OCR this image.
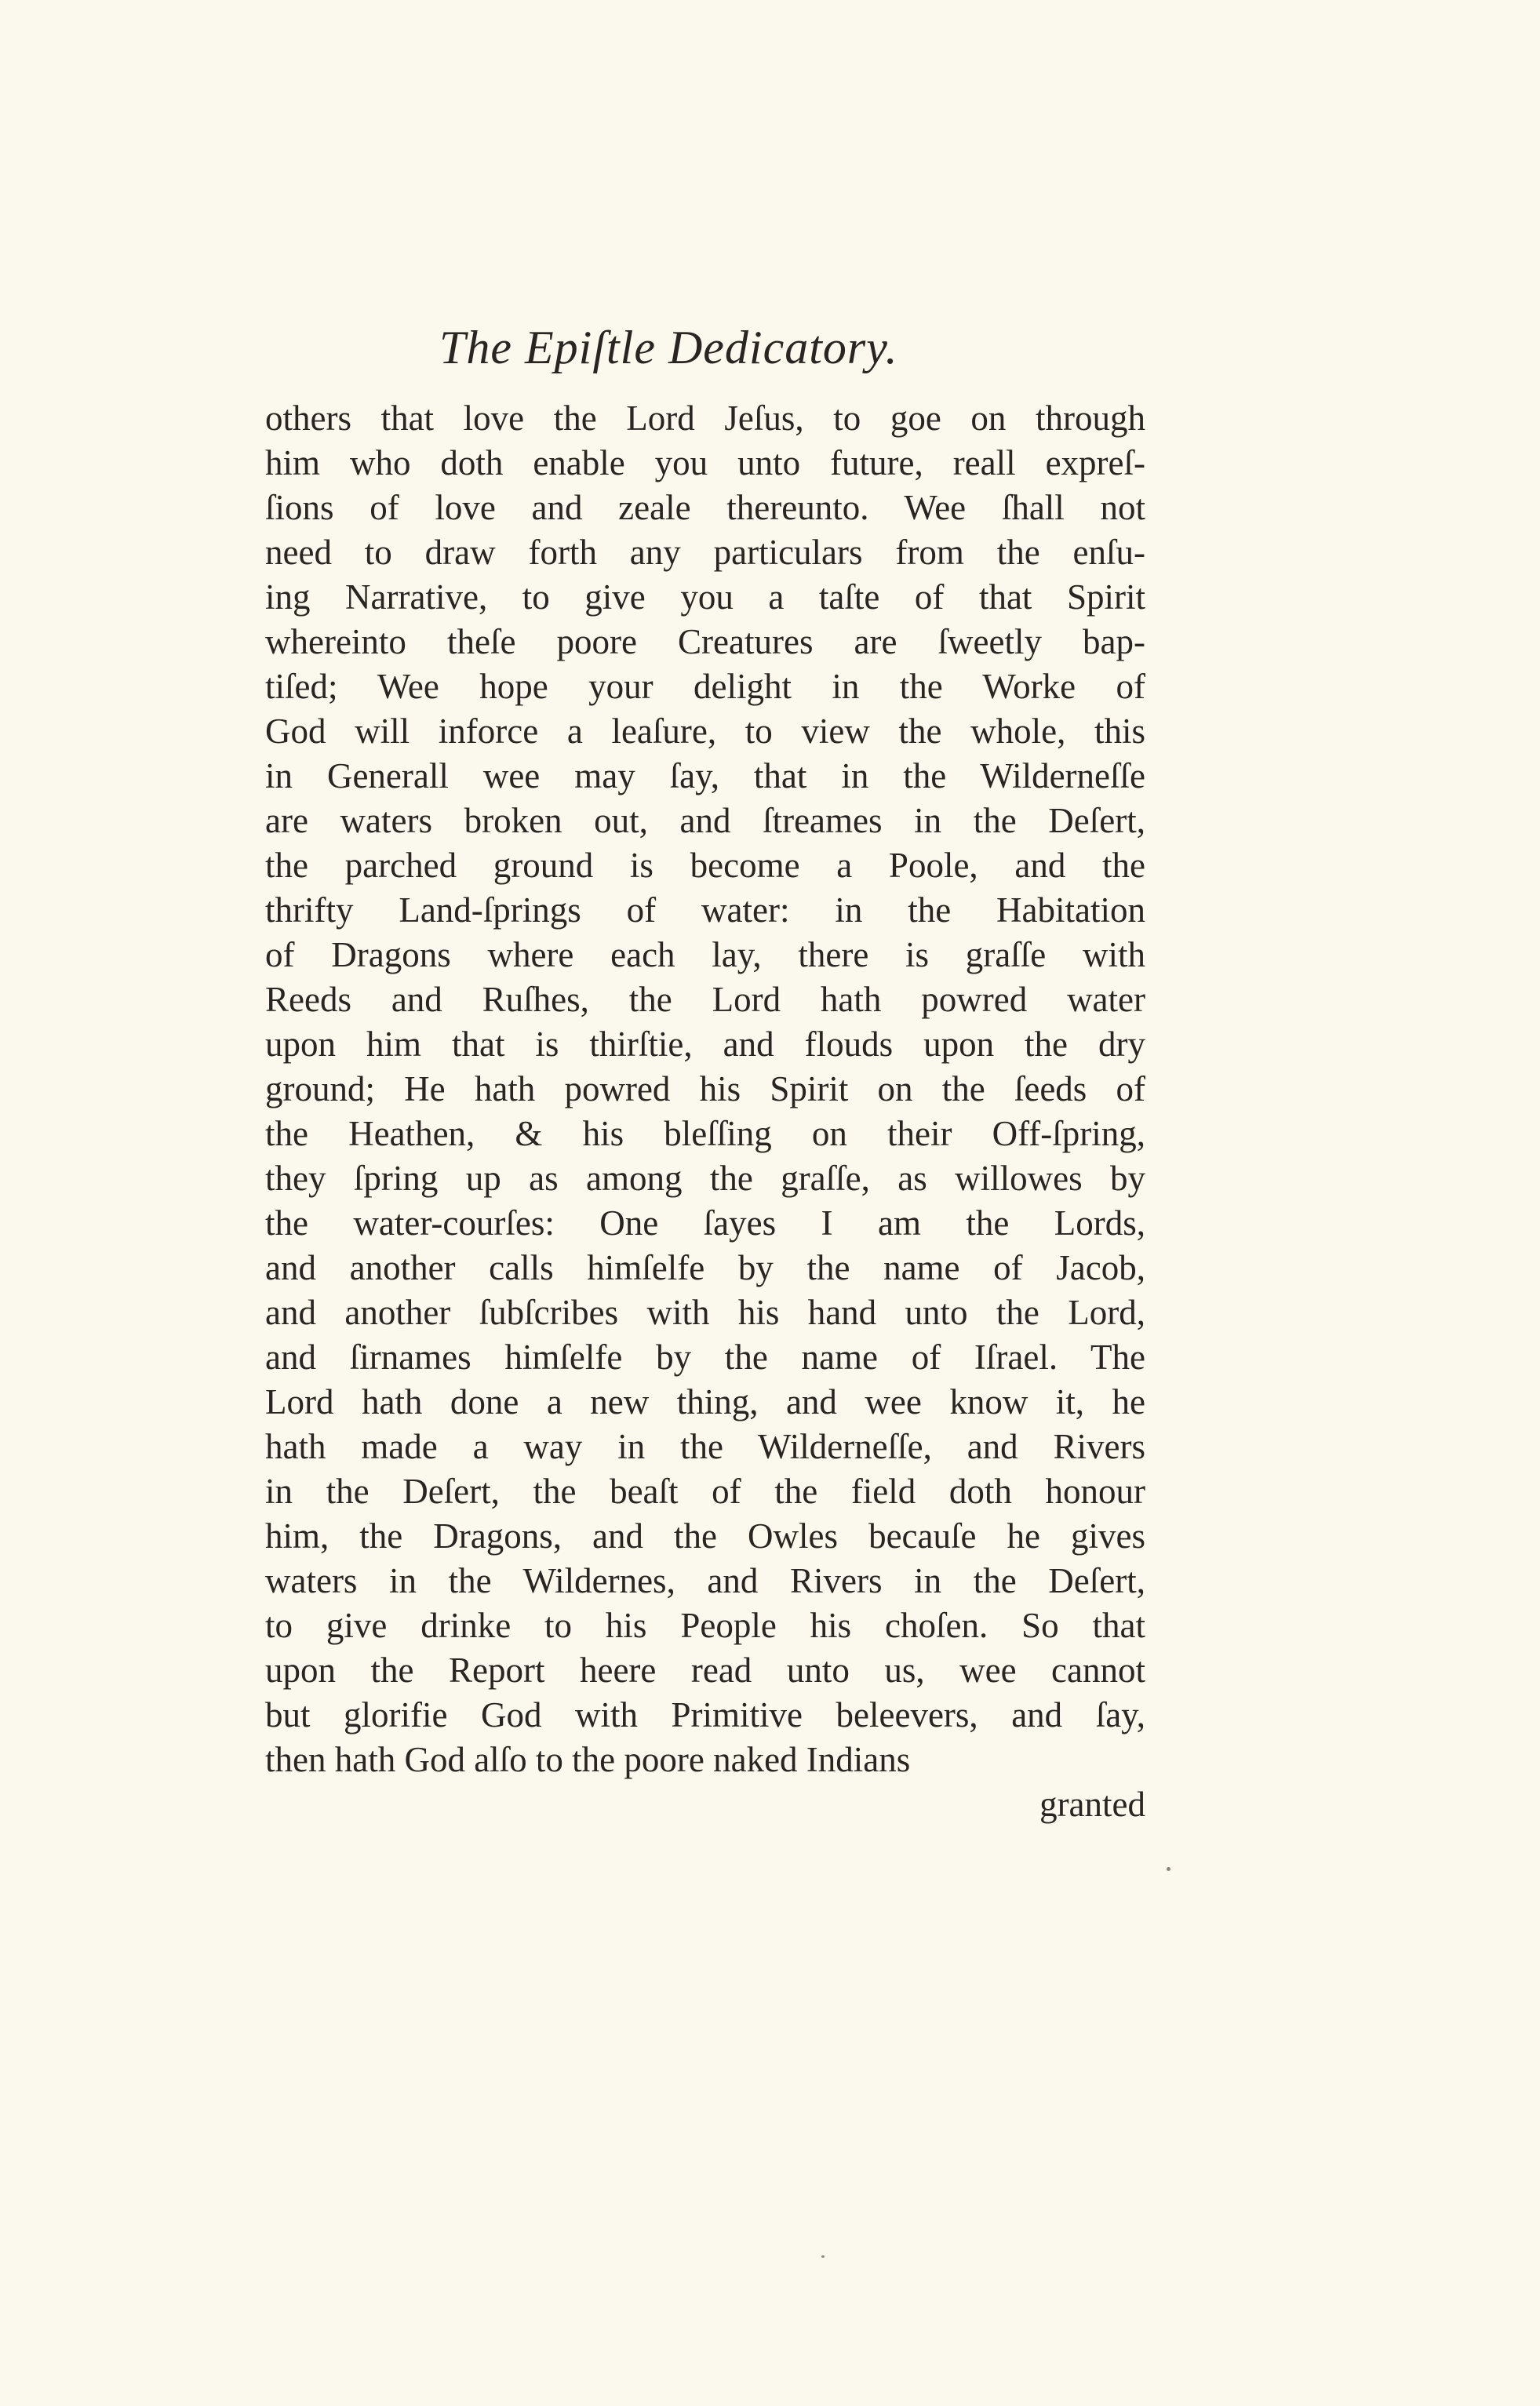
The Epiſtle Dedicatory.
others that love the Lord Jeſus, to goe on through
him who doth enable you unto future, reall expreſ-
ſions of love and zeale thereunto. Wee ſhall not
need to draw forth any particulars from the enſu-
ing Narrative, to give you a taſte of that Spirit
whereinto theſe poore Creatures are ſweetly bap-
tiſed; Wee hope your delight in the Worke of
God will inforce a leaſure, to view the whole, this
in Generall wee may ſay, that in the Wilderneſſe
are waters broken out, and ſtreames in the Deſert,
the parched ground is become a Poole, and the
thrifty Land-ſprings of water: in the Habitation
of Dragons where each lay, there is graſſe with
Reeds and Ruſhes, the Lord hath powred water
upon him that is thirſtie, and flouds upon the dry
ground; He hath powred his Spirit on the ſeeds of
the Heathen, & his bleſſing on their Off-ſpring,
they ſpring up as among the graſſe, as willowes by
the water-courſes: One ſayes I am the Lords,
and another calls himſelfe by the name of Jacob,
and another ſubſcribes with his hand unto the Lord,
and ſirnames himſelfe by the name of Iſrael. The
Lord hath done a new thing, and wee know it, he
hath made a way in the Wilderneſſe, and Rivers
in the Deſert, the beaſt of the field doth honour
him, the Dragons, and the Owles becauſe he gives
waters in the Wildernes, and Rivers in the Deſert,
to give drinke to his People his choſen. So that
upon the Report heere read unto us, wee cannot
but glorifie God with Primitive beleevers, and ſay,
then hath God alſo to the poore naked Indians
granted
